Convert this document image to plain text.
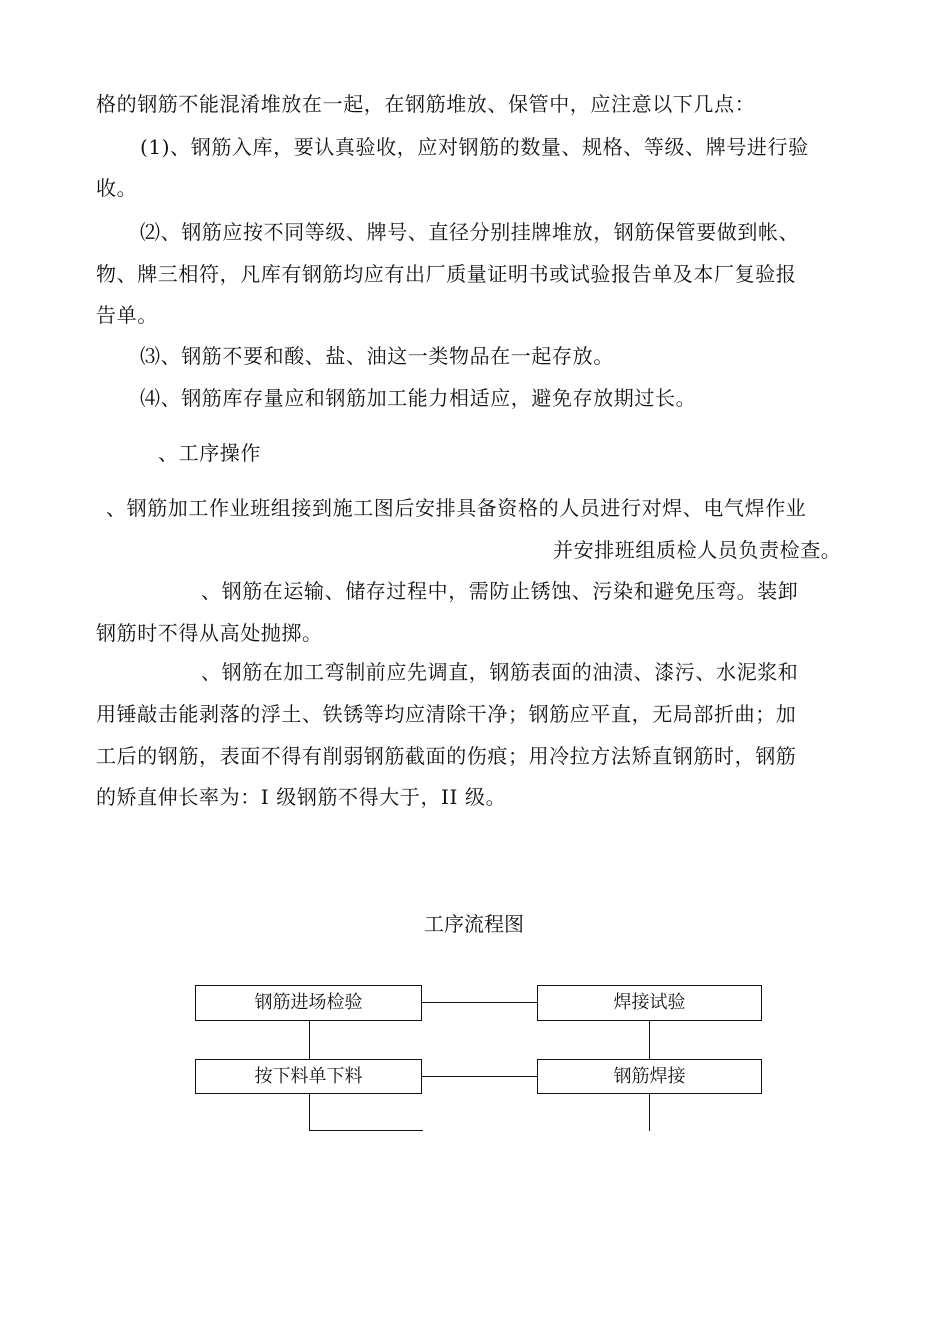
格的钢筋不能混淆堆放在一起，在钢筋堆放、保管中，应注意以下几点：
(1)、钢筋入库，要认真验收，应对钢筋的数量、规格、等级、牌号进行验
收。
⑵、钢筋应按不同等级、牌号、直径分别挂牌堆放，钢筋保管要做到帐、
物、牌三相符，凡库有钢筋均应有出厂质量证明书或试验报告单及本厂复验报
告单。
⑶、钢筋不要和酸、盐、油这一类物品在一起存放。
⑷、钢筋库存量应和钢筋加工能力相适应，避免存放期过长。
、工序操作
、钢筋加工作业班组接到施工图后安排具备资格的人员进行对焊、电气焊作业
并安排班组质检人员负责检查。
、钢筋在运输、储存过程中，需防止锈蚀、污染和避免压弯。装卸
钢筋时不得从高处抛掷。
、钢筋在加工弯制前应先调直，钢筋表面的油渍、漆污、水泥浆和
用锤敲击能剥落的浮土、铁锈等均应清除干净；钢筋应平直，无局部折曲；加
工后的钢筋，表面不得有削弱钢筋截面的伤痕；用冷拉方法矫直钢筋时，钢筋
的矫直伸长率为：I 级钢筋不得大于，II 级。
工序流程图
钢筋进场检验	焊接试验
按下料单下料	钢筋焊接
